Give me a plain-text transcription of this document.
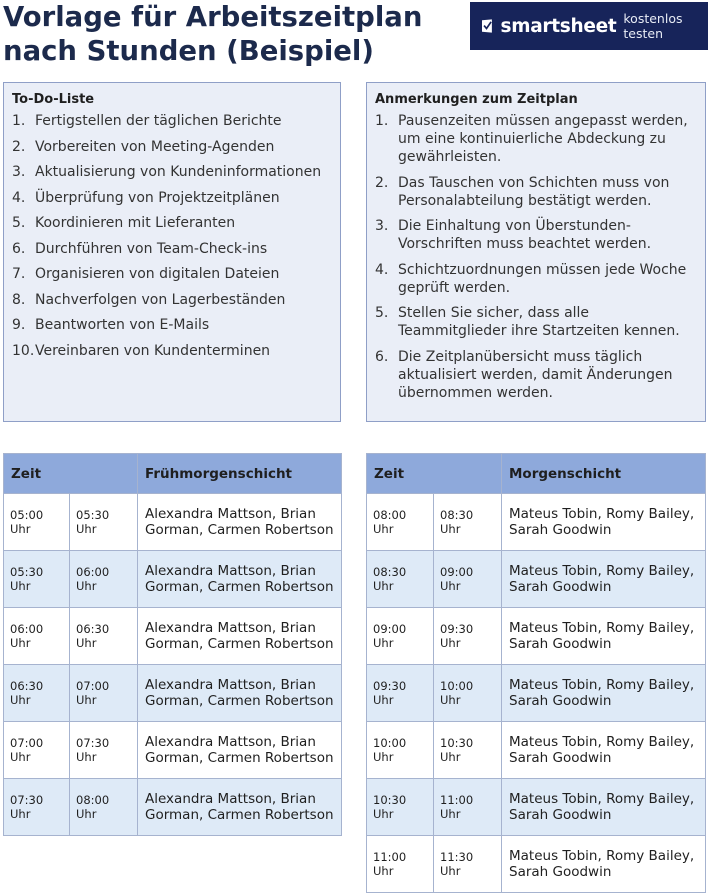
Vorlage für Arbeitszeitplan
nach Stunden (Beispiel)
smartsheet kostenlos testen
To-Do-Liste
1. Fertigstellen der täglichen Berichte
2. Vorbereiten von Meeting-Agenden
3. Aktualisierung von Kundeninformationen
4. Überprüfung von Projektzeitplänen
5. Koordinieren mit Lieferanten
6. Durchführen von Team-Check-ins
7. Organisieren von digitalen Dateien
8. Nachverfolgen von Lagerbeständen
9. Beantworten von E-Mails
10. Vereinbaren von Kundenterminen
Anmerkungen zum Zeitplan
1. Pausenzeiten müssen angepasst werden, um eine kontinuierliche Abdeckung zu gewährleisten.
2. Das Tauschen von Schichten muss von Personalabteilung bestätigt werden.
3. Die Einhaltung von Überstunden-Vorschriften muss beachtet werden.
4. Schichtzuordnungen müssen jede Woche geprüft werden.
5. Stellen Sie sicher, dass alle Teammitglieder ihre Startzeiten kennen.
6. Die Zeitplanübersicht muss täglich aktualisiert werden, damit Änderungen übernommen werden.
Zeit		Frühmorgenschicht
05:00 Uhr	05:30 Uhr	Alexandra Mattson, Brian Gorman, Carmen Robertson
05:30 Uhr	06:00 Uhr	Alexandra Mattson, Brian Gorman, Carmen Robertson
06:00 Uhr	06:30 Uhr	Alexandra Mattson, Brian Gorman, Carmen Robertson
06:30 Uhr	07:00 Uhr	Alexandra Mattson, Brian Gorman, Carmen Robertson
07:00 Uhr	07:30 Uhr	Alexandra Mattson, Brian Gorman, Carmen Robertson
07:30 Uhr	08:00 Uhr	Alexandra Mattson, Brian Gorman, Carmen Robertson
Zeit		Morgenschicht
08:00 Uhr	08:30 Uhr	Mateus Tobin, Romy Bailey, Sarah Goodwin
08:30 Uhr	09:00 Uhr	Mateus Tobin, Romy Bailey, Sarah Goodwin
09:00 Uhr	09:30 Uhr	Mateus Tobin, Romy Bailey, Sarah Goodwin
09:30 Uhr	10:00 Uhr	Mateus Tobin, Romy Bailey, Sarah Goodwin
10:00 Uhr	10:30 Uhr	Mateus Tobin, Romy Bailey, Sarah Goodwin
10:30 Uhr	11:00 Uhr	Mateus Tobin, Romy Bailey, Sarah Goodwin
11:00 Uhr	11:30 Uhr	Mateus Tobin, Romy Bailey, Sarah Goodwin
